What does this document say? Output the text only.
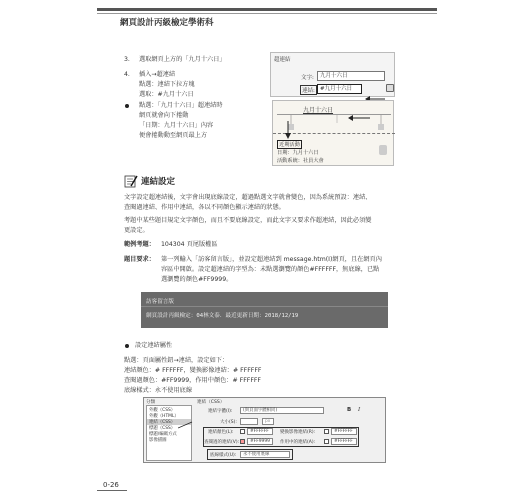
網頁設計丙級檢定學術科
3. 選取網頁上方的「九月十六日」
4. 插入→超連結
點選：連結下拉方塊
選取：#九月十六日
點選：「九月十六日」超連結時
網頁就會向下捲動
「日期：九月十六日」內容
便會捲動動至網頁最上方
超連結
文字:	九月十六日
連結: #九月十六日
九月十六日
近期活動
日期：九月十六日
活動系統：社員大會
連結設定
文字設定超連結後，文字會出現底線設定，超過點選文字就會變色，因為系統預設：連結、
查閱過連結、作用中連結，各以不同顏色顯示連結的狀態。
考題中某些題目規定文字顏色，而且不要底線設定，而此文字又要求作超連結，因此必須變
更設定。
範例考題： 104304 頁尾版權區
題目要求： 第一列輸入「訪客留言版」，並設定超連結到 message.htm(I)網頁，且在網頁內
容區中開啟。設定超連結的字型為：未點選瀏覽的顏色#FFFFFF，無底線，已點
選瀏覽的顏色#FF9999。
訪客留言版
網頁設計丙級檢定：04林文泰．最近更新日期：2018/12/19
設定連結屬性
點選：頁面屬性鈕→連結，設定如下：
連結顏色：# FFFFFF，變換影像連結：# FFFFFF
查閱過顏色：#FF9999，作用中顏色：# FFFFFF
底線樣式：永不使用底線
分類
外觀（CSS）
外觀（HTML）
連結（CSS）
標題（CSS）
標題/編碼方式
影像描圖
連結（CSS）
連結字體(I):	(與頁面字體相同)	B I
大小(S):	px
連結顏色(L):	#FFFFFF	變換影像連結(R):	#FFFFFF
查閱過的連結(V):	#FF9999	作用中的連結(A):	#FFFFFF
底線樣式(U):	永不使用底線
0-26
